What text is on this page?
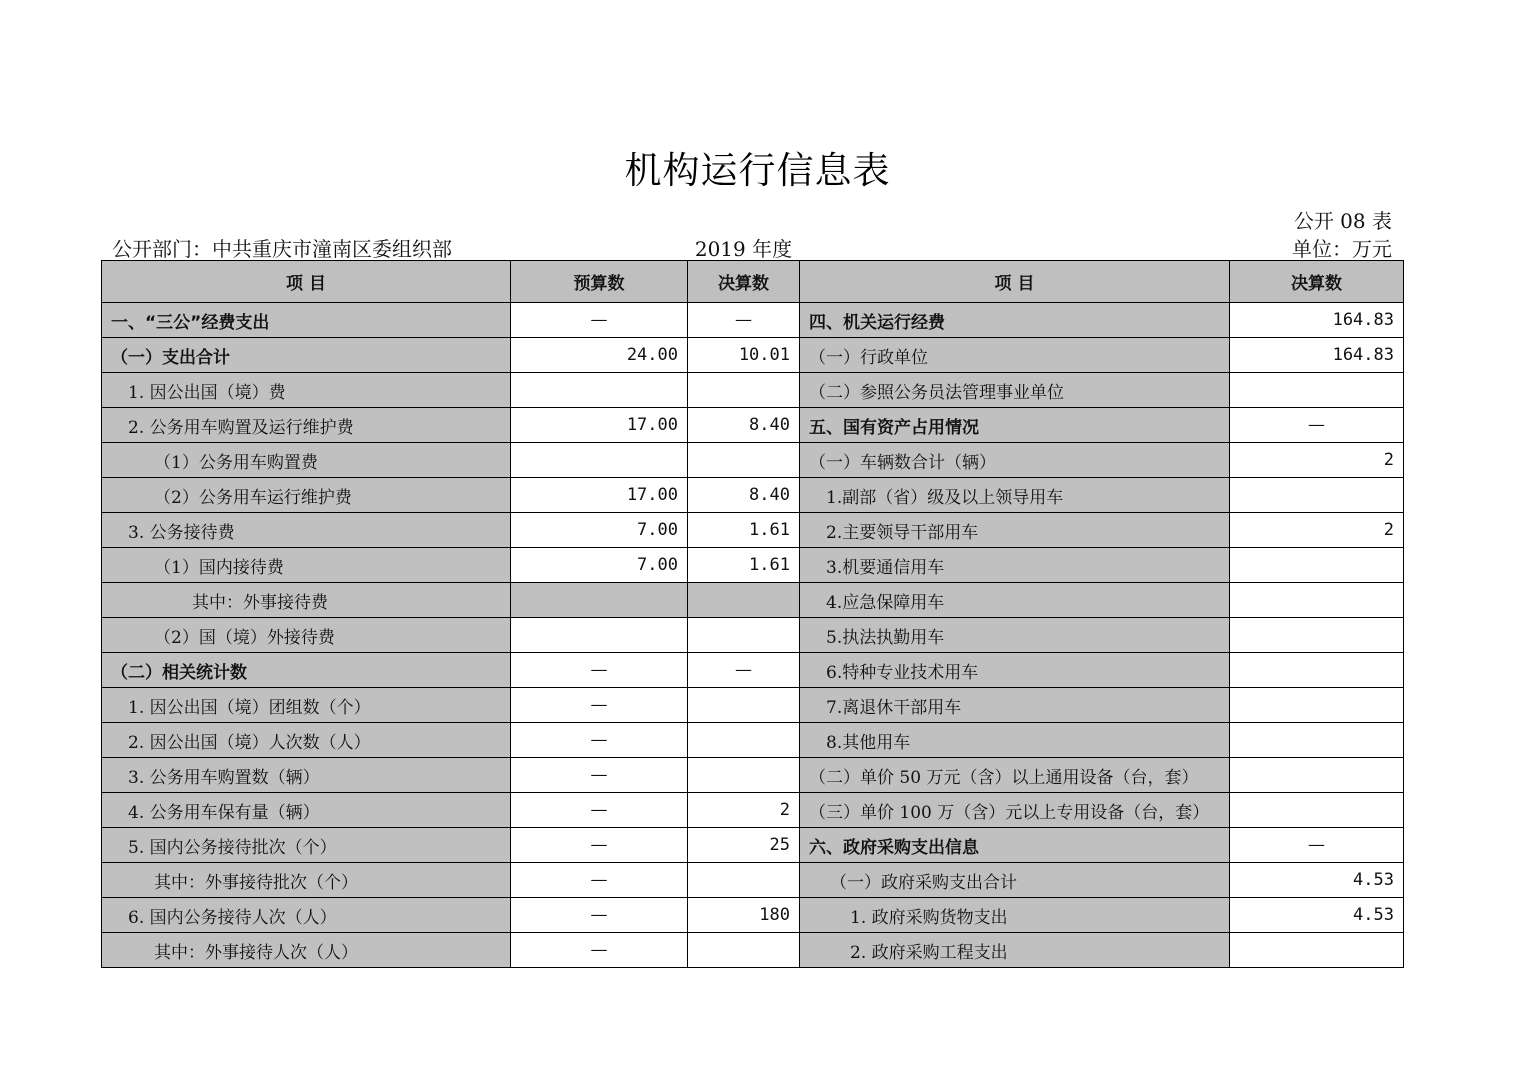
机构运行信息表
公开 08 表
公开部门：中共重庆市潼南区委组织部	2019 年度	单位：万元
项 目	预算数	决算数	项 目	决算数
一、“三公”经费支出	—	—	四、机关运行经费	164.83
（一）支出合计	24.00	10.01	（一）行政单位	164.83
1. 因公出国（境）费			（二）参照公务员法管理事业单位	
2. 公务用车购置及运行维护费	17.00	8.40	五、国有资产占用情况	—
（1）公务用车购置费			（一）车辆数合计（辆）	2
（2）公务用车运行维护费	17.00	8.40	1.副部（省）级及以上领导用车	
3. 公务接待费	7.00	1.61	2.主要领导干部用车	2
（1）国内接待费	7.00	1.61	3.机要通信用车	
其中：外事接待费			4.应急保障用车	
（2）国（境）外接待费			5.执法执勤用车	
（二）相关统计数	—	—	6.特种专业技术用车	
1. 因公出国（境）团组数（个）	—		7.离退休干部用车	
2. 因公出国（境）人次数（人）	—		8.其他用车	
3. 公务用车购置数（辆）	—		（二）单价 50 万元（含）以上通用设备（台，套）	
4. 公务用车保有量（辆）	—	2	（三）单价 100 万（含）元以上专用设备（台，套）	
5. 国内公务接待批次（个）	—	25	六、政府采购支出信息	—
其中：外事接待批次（个）	—		（一）政府采购支出合计	4.53
6. 国内公务接待人次（人）	—	180	1. 政府采购货物支出	4.53
其中：外事接待人次（人）	—		2. 政府采购工程支出	
